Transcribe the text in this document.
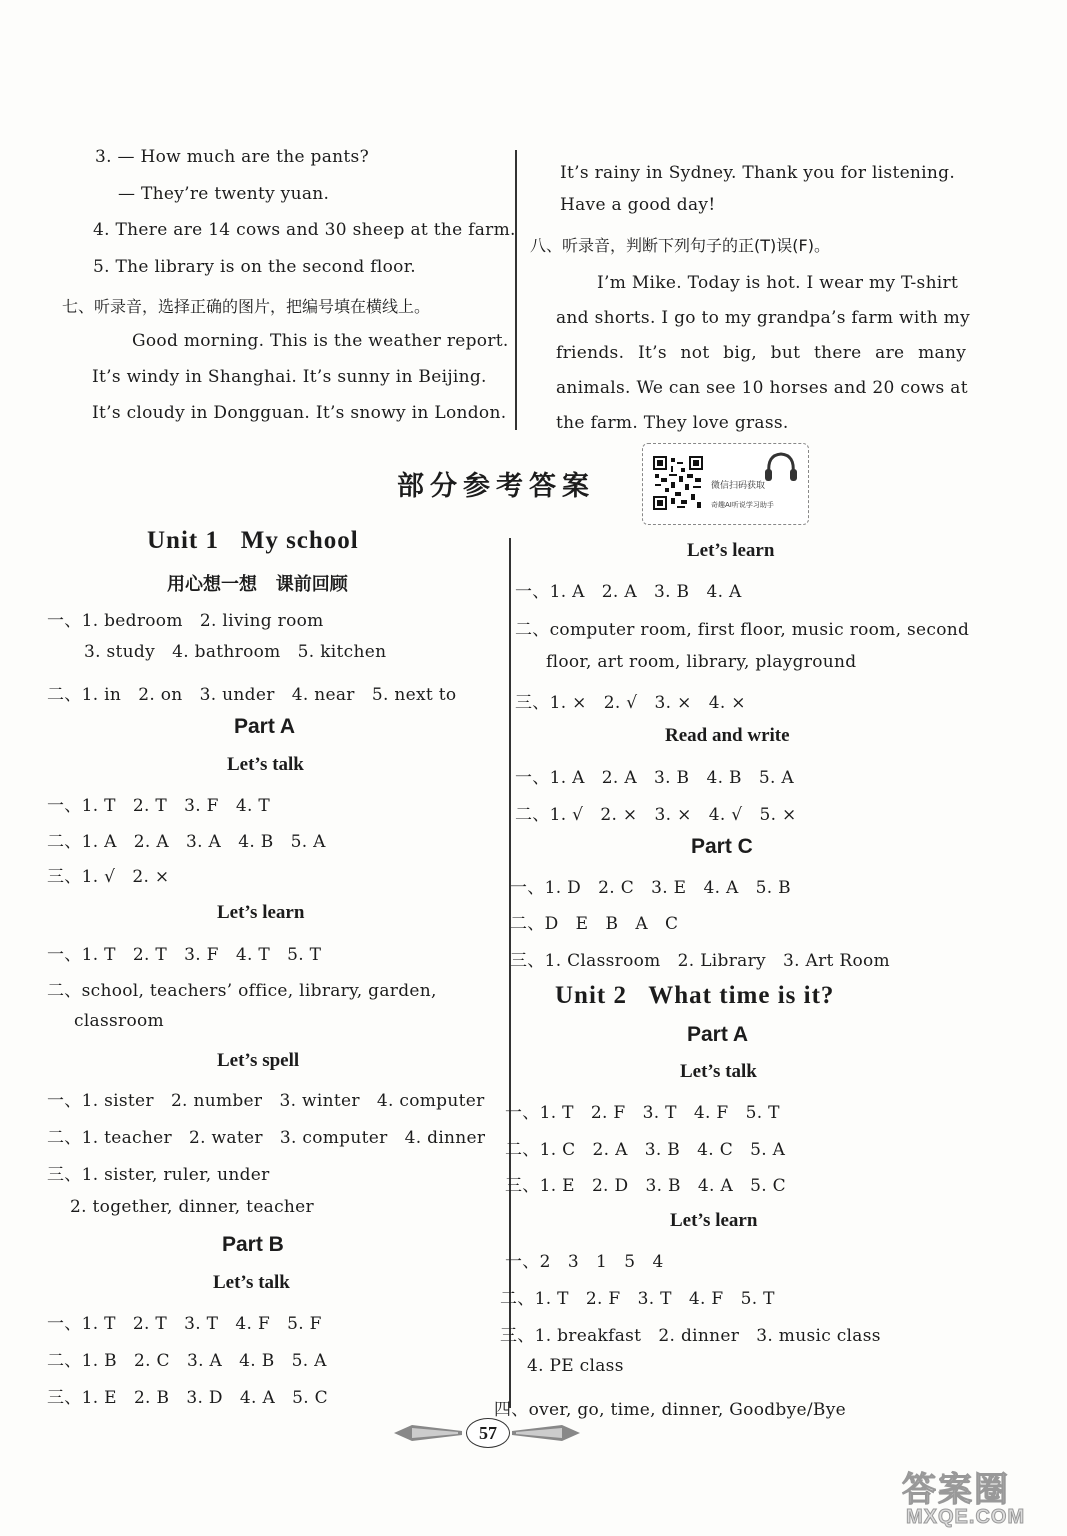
3. — How much are the pants?
— They’re twenty yuan.
4. There are 14 cows and 30 sheep at the farm.
5. The library is on the second floor.
七、听录音，选择正确的图片，把编号填在横线上。
Good morning. This is the weather report.
It’s windy in Shanghai. It’s sunny in Beijing.
It’s cloudy in Dongguan. It’s snowy in London.
It’s rainy in Sydney. Thank you for listening.
Have a good day!
八、听录音，判断下列句子的正(T)误(F)。
I’m Mike. Today is hot. I wear my T-shirt
and shorts. I go to my grandpa’s farm with my
friends. It’s not big, but there are many
animals. We can see 10 horses and 20 cows at
the farm. They love grass.
部分参考答案	微信扫码获取
奇趣AI听说学习助手
Unit 1   My school
用心想一想   课前回顾
一、1. bedroom   2. living room
3. study   4. bathroom   5. kitchen
二、1. in   2. on   3. under   4. near   5. next to
Part A
Let’s talk
一、1. T   2. T   3. F   4. T
二、1. A   2. A   3. A   4. B   5. A
三、1. √   2. ×
Let’s learn
一、1. T   2. T   3. F   4. T   5. T
二、school, teachers’ office, library, garden,
classroom
Let’s spell
一、1. sister   2. number   3. winter   4. computer
二、1. teacher   2. water   3. computer   4. dinner
三、1. sister, ruler, under
2. together, dinner, teacher
Part B
Let’s talk
一、1. T   2. T   3. T   4. F   5. F
二、1. B   2. C   3. A   4. B   5. A
三、1. E   2. B   3. D   4. A   5. C
Let’s learn
一、1. A   2. A   3. B   4. A
二、computer room, first floor, music room, second
floor, art room, library, playground
三、1. ×   2. √   3. ×   4. ×
Read and write
一、1. A   2. A   3. B   4. B   5. A
二、1. √   2. ×   3. ×   4. √   5. ×
Part C
一、1. D   2. C   3. E   4. A   5. B
二、D   E   B   A   C
三、1. Classroom   2. Library   3. Art Room
Unit 2   What time is it?
Part A
Let’s talk
一、1. T   2. F   3. T   4. F   5. T
二、1. C   2. A   3. B   4. C   5. A
三、1. E   2. D   3. B   4. A   5. C
Let’s learn
一、2   3   1   5   4
二、1. T   2. F   3. T   4. F   5. T
三、1. breakfast   2. dinner   3. music class
4. PE class
四、over, go, time, dinner, Goodbye/Bye
57
答案圈
MXQE.COM
